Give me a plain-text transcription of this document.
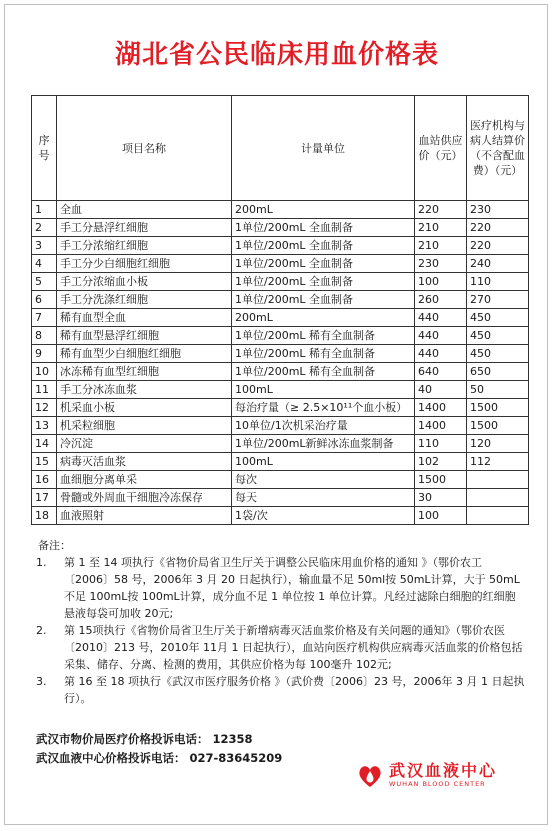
湖北省公民临床用血价格表
序号	项目名称	计量单位	血站供应价（元）	医疗机构与病人结算价（不含配血费）（元）
1	全血	200mL	220	230
2	手工分悬浮红细胞	1单位/200mL 全血制备	210	220
3	手工分浓缩红细胞	1单位/200mL 全血制备	210	220
4	手工分少白细胞红细胞	1单位/200mL 全血制备	230	240
5	手工分浓缩血小板	1单位/200mL 全血制备	100	110
6	手工分洗涤红细胞	1单位/200mL 全血制备	260	270
7	稀有血型全血	200mL	440	450
8	稀有血型悬浮红细胞	1单位/200mL 稀有全血制备	440	450
9	稀有血型少白细胞红细胞	1单位/200mL 稀有全血制备	440	450
10	冰冻稀有血型红细胞	1单位/200mL 稀有全血制备	640	650
11	手工分冰冻血浆	100mL	40	50
12	机采血小板	每治疗量（≥ 2.5×10¹¹个血小板）	1400	1500
13	机采粒细胞	10单位/1次机采治疗量	1400	1500
14	冷沉淀	1单位/200mL新鲜冰冻血浆制备	110	120
15	病毒灭活血浆	100mL	102	112
16	血细胞分离单采	每次	1500	
17	骨髓或外周血干细胞冷冻保存	每天	30	
18	血液照射	1袋/次	100	
备注：
1.	第 1 至 14 项执行《省物价局省卫生厅关于调整公民临床用血价格的通知 》（鄂价农工〔2006〕58 号，2006年 3 月 20 日起执行），输血量不足 50ml按 50mL计算，大于 50mL不足 100mL按 100mL计算，成分血不足 1 单位按 1 单位计算。凡经过滤除白细胞的红细胞悬液每袋可加收 20元;
2.	第 15项执行《省物价局省卫生厅关于新增病毒灭活血浆价格及有关问题的通知》（鄂价农医〔2010〕213 号，2010年 11月 1 日起执行），血站向医疗机构供应病毒灭活血浆的价格包括采集、储存、分离、检测的费用，其供应价格为每 100毫升 102元;
3.	第 16 至 18 项执行《武汉市医疗服务价格 》（武价费〔2006〕23 号，2006年 3 月 1 日起执行）。
武汉市物价局医疗价格投诉电话： 12358
武汉血液中心价格投诉电话： 027-83645209
武汉血液中心
WUHAN BLOOD CENTER
